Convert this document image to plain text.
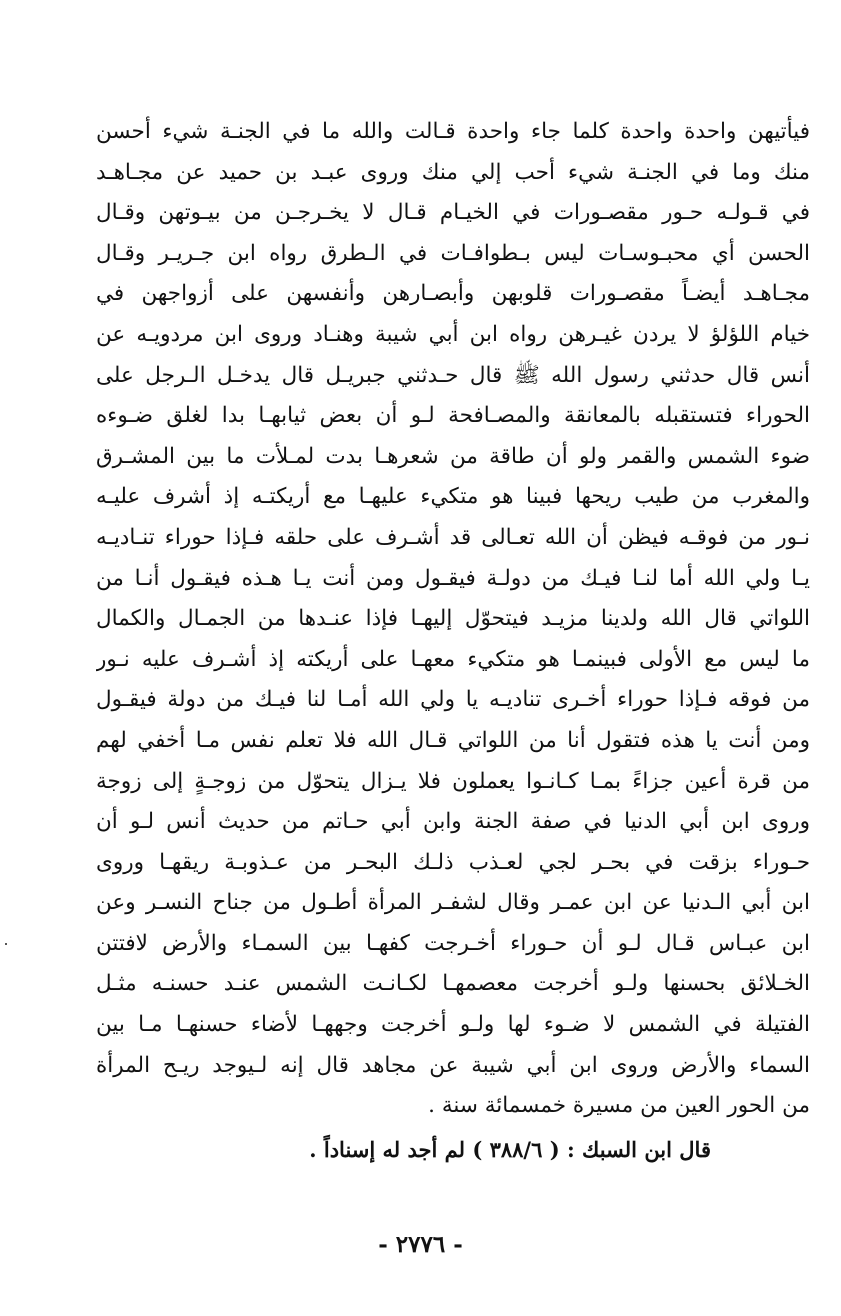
فيأتيهن واحدة واحدة كلما جاء واحدة قـالت والله ما في الجنـة شيء أحسن
منك وما في الجنـة شيء أحب إلي منك وروى عبـد بن حميد عن مجـاهـد
في قـولـه حـور مقصـورات في الخيـام قـال لا يخـرجـن من بيـوتهن وقـال
الحسن أي محبـوسـات ليس بـطوافـات في الـطرق رواه ابن جـريـر وقـال
مجـاهـد أيضـاً مقصـورات قلوبهن وأبصـارهن وأنفسهن على أزواجهن في
خيام اللؤلؤ لا يردن غيـرهن رواه ابن أبي شيبة وهنـاد وروى ابن مردويـه عن
أنس قال حدثني رسول الله ﷺ قال حـدثني جبريـل قال يدخـل الـرجل على
الحوراء فتستقبله بالمعانقة والمصـافحة لـو أن بعض ثيابهـا بدا لغلق ضـوءه
ضوء الشمس والقمر ولو أن طاقة من شعرهـا بدت لمـلأت ما بين المشـرق
والمغرب من طيب ريحها فبينا هو متكيء عليهـا مع أريكتـه إذ أشرف عليـه
نـور من فوقـه فيظن أن الله تعـالى قد أشـرف على حلقه فـإذا حوراء تنـاديـه
يـا ولي الله أما لنـا فيـك من دولـة فيقـول ومن أنت يـا هـذه فيقـول أنـا من
اللواتي قال الله ولدينا مزيـد فيتحوّل إليهـا فإذا عنـدها من الجمـال والكمال
ما ليس مع الأولى فبينمـا هو متكيء معهـا على أريكته إذ أشـرف عليه نـور
من فوقه فـإذا حوراء أخـرى تناديـه يا ولي الله أمـا لنا فيـك من دولة فيقـول
ومن أنت يا هذه فتقول أنا من اللواتي قـال الله فلا تعلم نفس مـا أخفي لهم
من قرة أعين جزاءً بمـا كـانـوا يعملون فلا يـزال يتحوّل من زوجـةٍ إلى زوجة
وروى ابن أبي الدنيا في صفة الجنة وابن أبي حـاتم من حديث أنس لـو أن
حـوراء بزقت في بحـر لجي لعـذب ذلـك البحـر من عـذوبـة ريقهـا وروى
ابن أبي الـدنيا عن ابن عمـر وقال لشفـر المرأة أطـول من جناح النسـر وعن
ابن عبـاس قـال لـو أن حـوراء أخـرجت كفهـا بين السمـاء والأرض لافتتن
الخـلائق بحسنها ولـو أخرجت معصمهـا لكـانـت الشمس عنـد حسنـه مثـل
الفتيلة في الشمس لا ضـوء لها ولـو أخرجت وجههـا لأضاء حسنهـا مـا بين
السماء والأرض وروى ابن أبي شيبة عن مجاهد قال إنه لـيوجد ريـح المرأة
من الحور العين من مسيرة خمسمائة سنة .
قال ابن السبك : ( ٣٨٨/٦ ) لم أجد له إسناداً .
- ٢٧٧٦ -
